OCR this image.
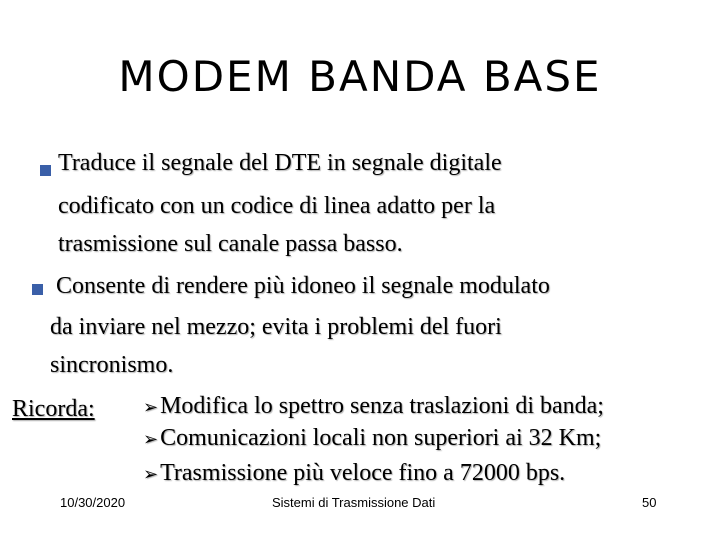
MODEM BANDA BASE
Traduce il segnale del DTE in segnale digitale
codificato con un codice di linea adatto per la
trasmissione sul canale passa basso.
Consente di rendere più idoneo il segnale modulato
da inviare nel mezzo; evita i problemi del fuori
sincronismo.
Ricorda:	➢Modifica lo spettro senza traslazioni di banda;
➢Comunicazioni locali non superiori ai 32 Km;
➢Trasmissione più veloce fino a 72000 bps.
10/30/2020	Sistemi di Trasmissione Dati	50
